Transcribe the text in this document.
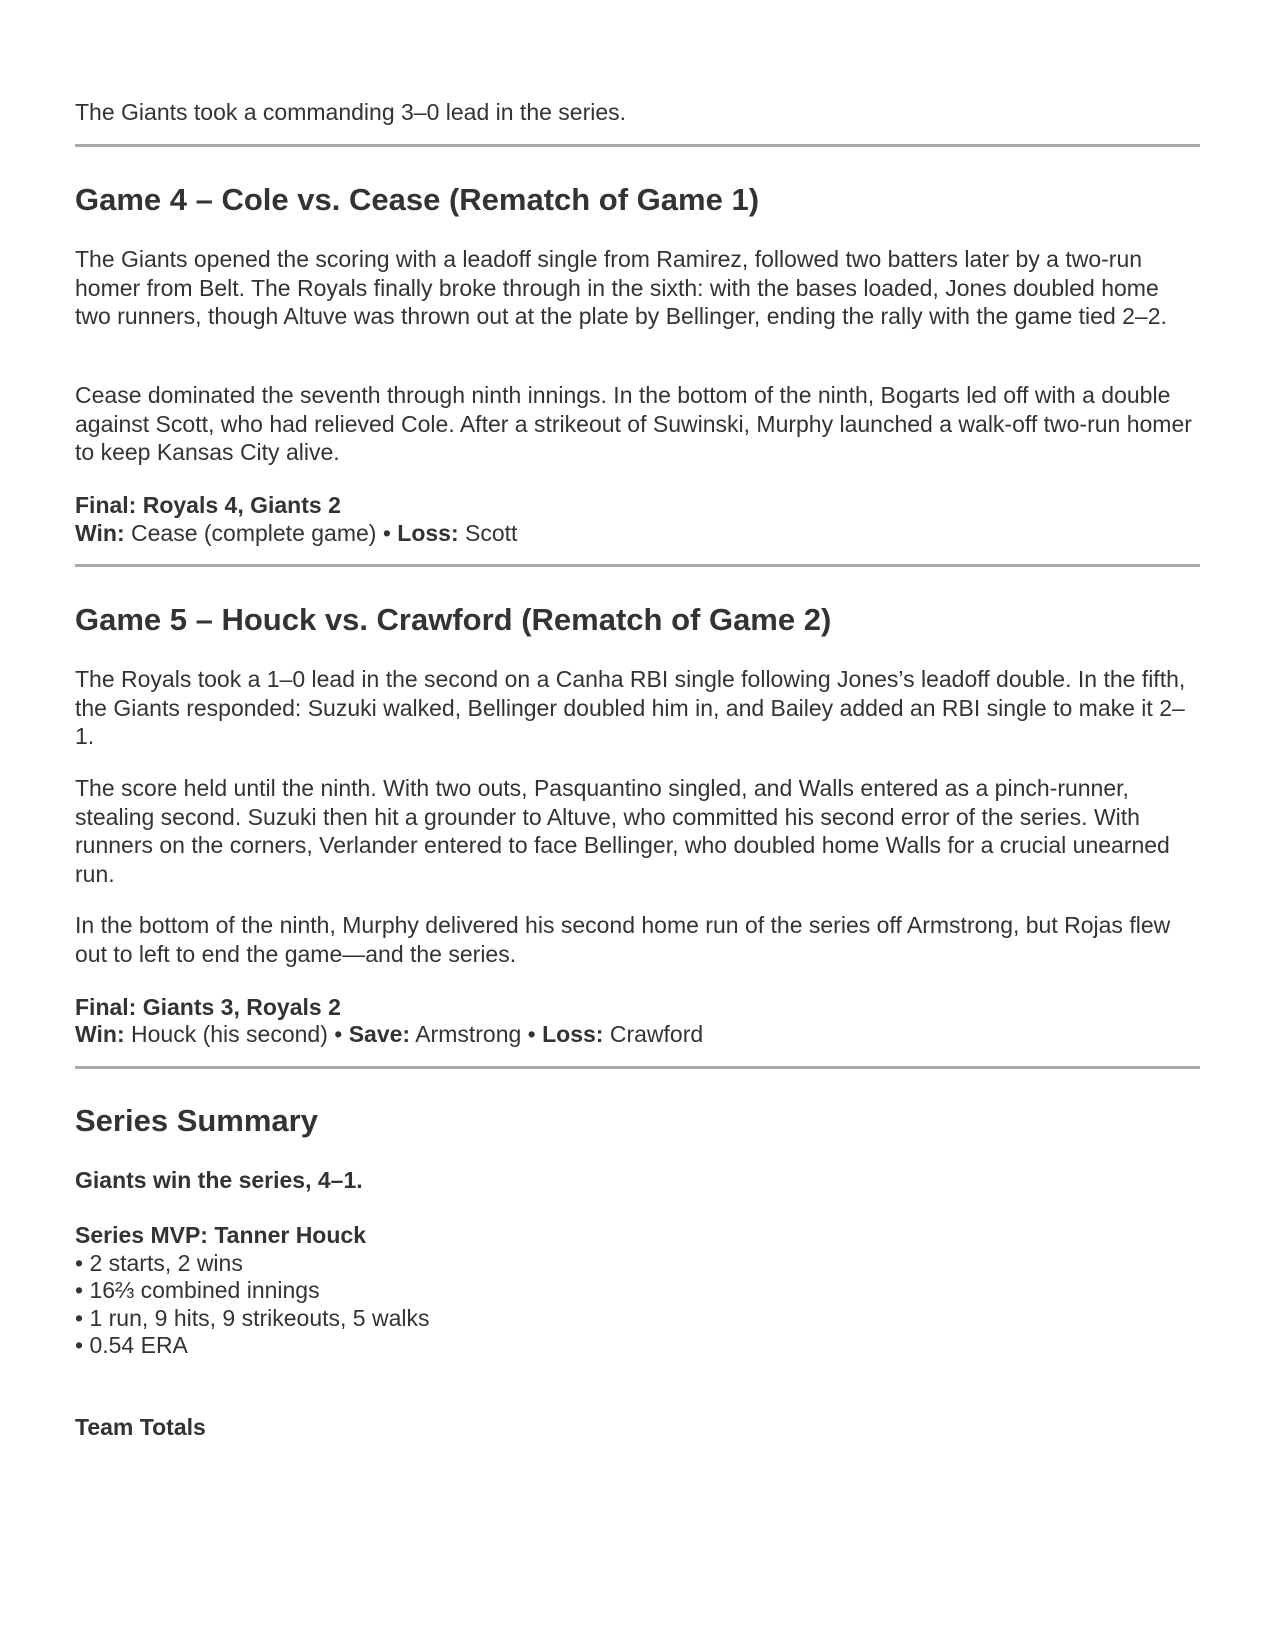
The Giants took a commanding 3–0 lead in the series.

Game 4 – Cole vs. Cease (Rematch of Game 1)

The Giants opened the scoring with a leadoff single from Ramirez, followed two batters later by a two-run homer from Belt. The Royals finally broke through in the sixth: with the bases loaded, Jones doubled home two runners, though Altuve was thrown out at the plate by Bellinger, ending the rally with the game tied 2–2.

Cease dominated the seventh through ninth innings. In the bottom of the ninth, Bogarts led off with a double against Scott, who had relieved Cole. After a strikeout of Suwinski, Murphy launched a walk-off two-run homer to keep Kansas City alive.

Final: Royals 4, Giants 2

Win: Cease (complete game) • Loss: Scott

Game 5 – Houck vs. Crawford (Rematch of Game 2)

The Royals took a 1–0 lead in the second on a Canha RBI single following Jones’s leadoff double. In the fifth, the Giants responded: Suzuki walked, Bellinger doubled him in, and Bailey added an RBI single to make it 2–1.

The score held until the ninth. With two outs, Pasquantino singled, and Walls entered as a pinch-runner, stealing second. Suzuki then hit a grounder to Altuve, who committed his second error of the series. With runners on the corners, Verlander entered to face Bellinger, who doubled home Walls for a crucial unearned run.

In the bottom of the ninth, Murphy delivered his second home run of the series off Armstrong, but Rojas flew out to left to end the game—and the series.

Final: Giants 3, Royals 2

Win: Houck (his second) • Save: Armstrong • Loss: Crawford

Series Summary

Giants win the series, 4–1.

Series MVP: Tanner Houck

• 2 starts, 2 wins

• 16⅔ combined innings

• 1 run, 9 hits, 9 strikeouts, 5 walks

• 0.54 ERA

Team Totals
